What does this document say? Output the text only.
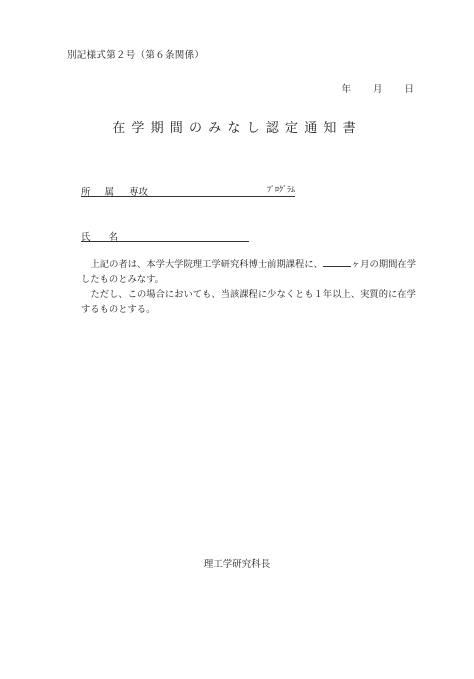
別記様式第２号（第６条関係）
年 月 日
在学期間のみなし認定通知書
所属 専攻	ﾌﾟﾛｸﾞﾗﾑ
氏名

上記の者は、本学大学院理工学研究科博士前期課程に、	ヶ月の期間在学したものとみなす。

ただし、この場合においても、当該課程に少なくとも１年以上、実質的に在学するものとする。

理工学研究科長
